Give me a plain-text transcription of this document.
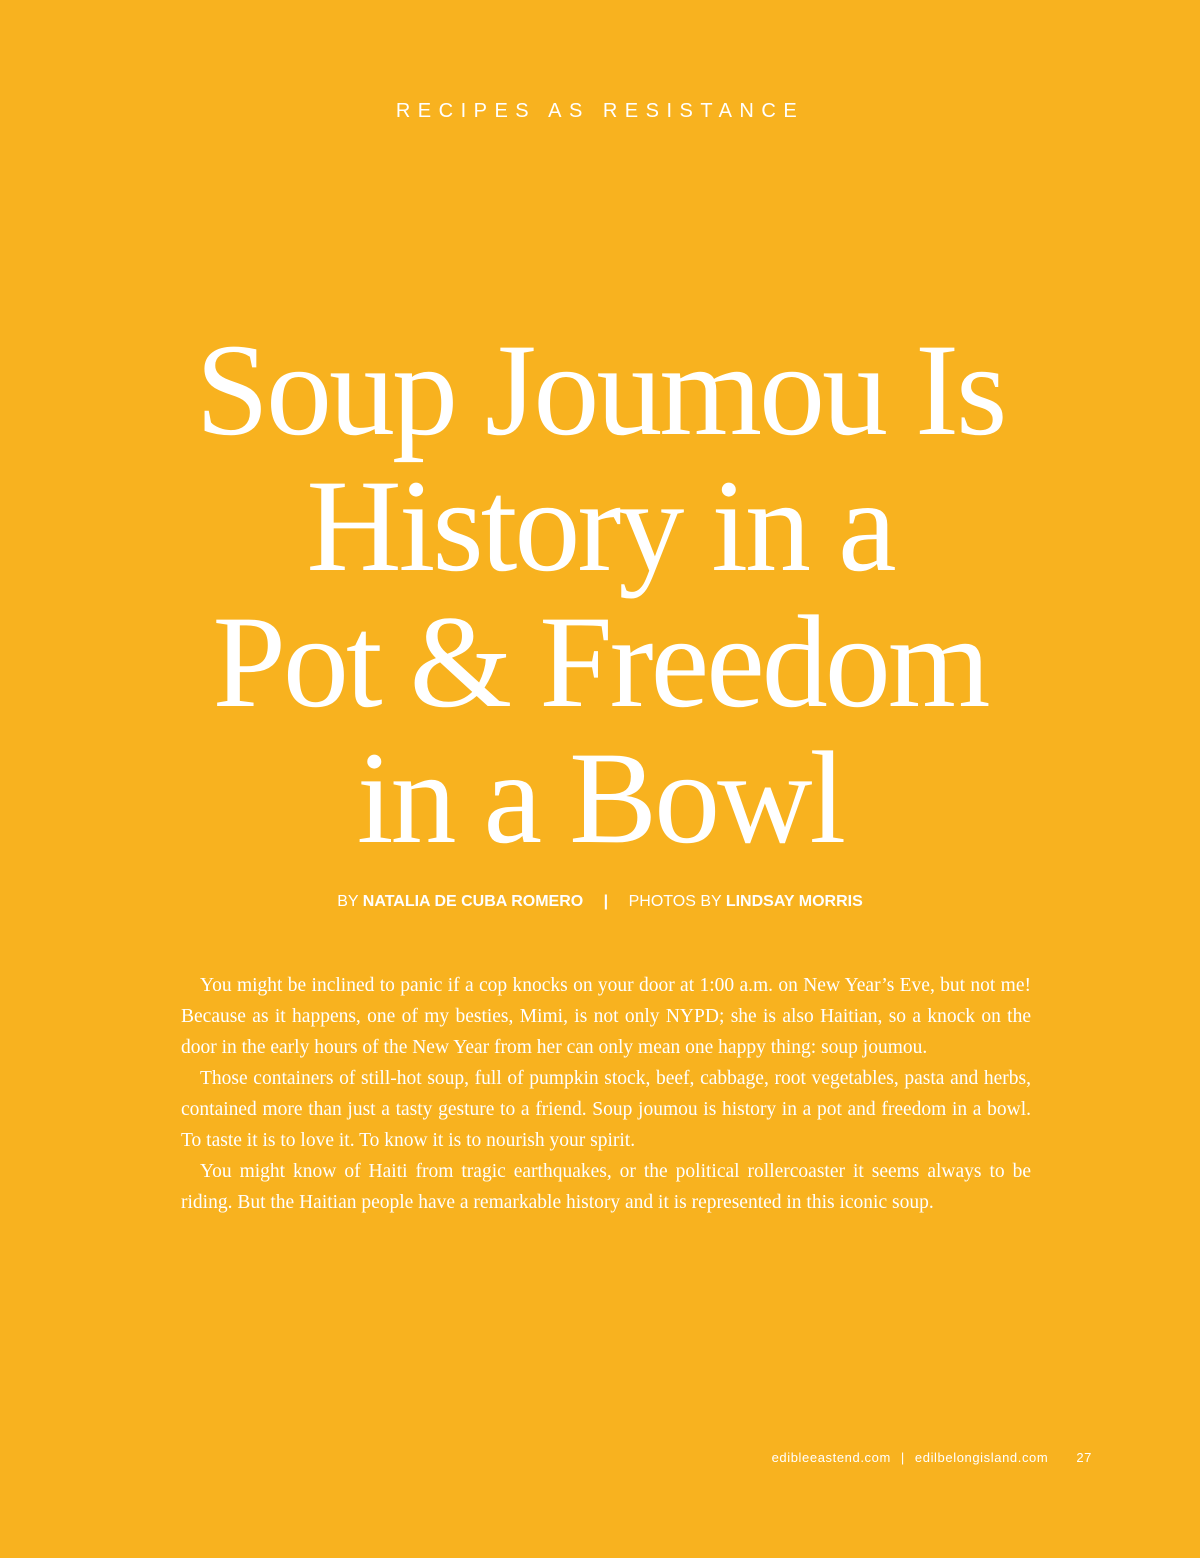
RECIPES AS RESISTANCE
Soup Joumou Is
History in a
Pot & Freedom
in a Bowl
BY NATALIA DE CUBA ROMERO | PHOTOS BY LINDSAY MORRIS

You might be inclined to panic if a cop knocks on your door at 1:00 a.m. on New Year’s Eve, but not me! Because as it happens, one of my besties, Mimi, is not only NYPD; she is also Haitian, so a knock on the door in the early hours of the New Year from her can only mean one happy thing: soup joumou.

Those containers of still-hot soup, full of pumpkin stock, beef, cabbage, root vegetables, pasta and herbs, contained more than just a tasty gesture to a friend. Soup joumou is history in a pot and freedom in a bowl. To taste it is to love it. To know it is to nourish your spirit.

You might know of Haiti from tragic earthquakes, or the political rollercoaster it seems always to be riding. But the Haitian people have a remarkable history and it is represented in this iconic soup.

edibleeastend.com | edilbelongisland.com 27
